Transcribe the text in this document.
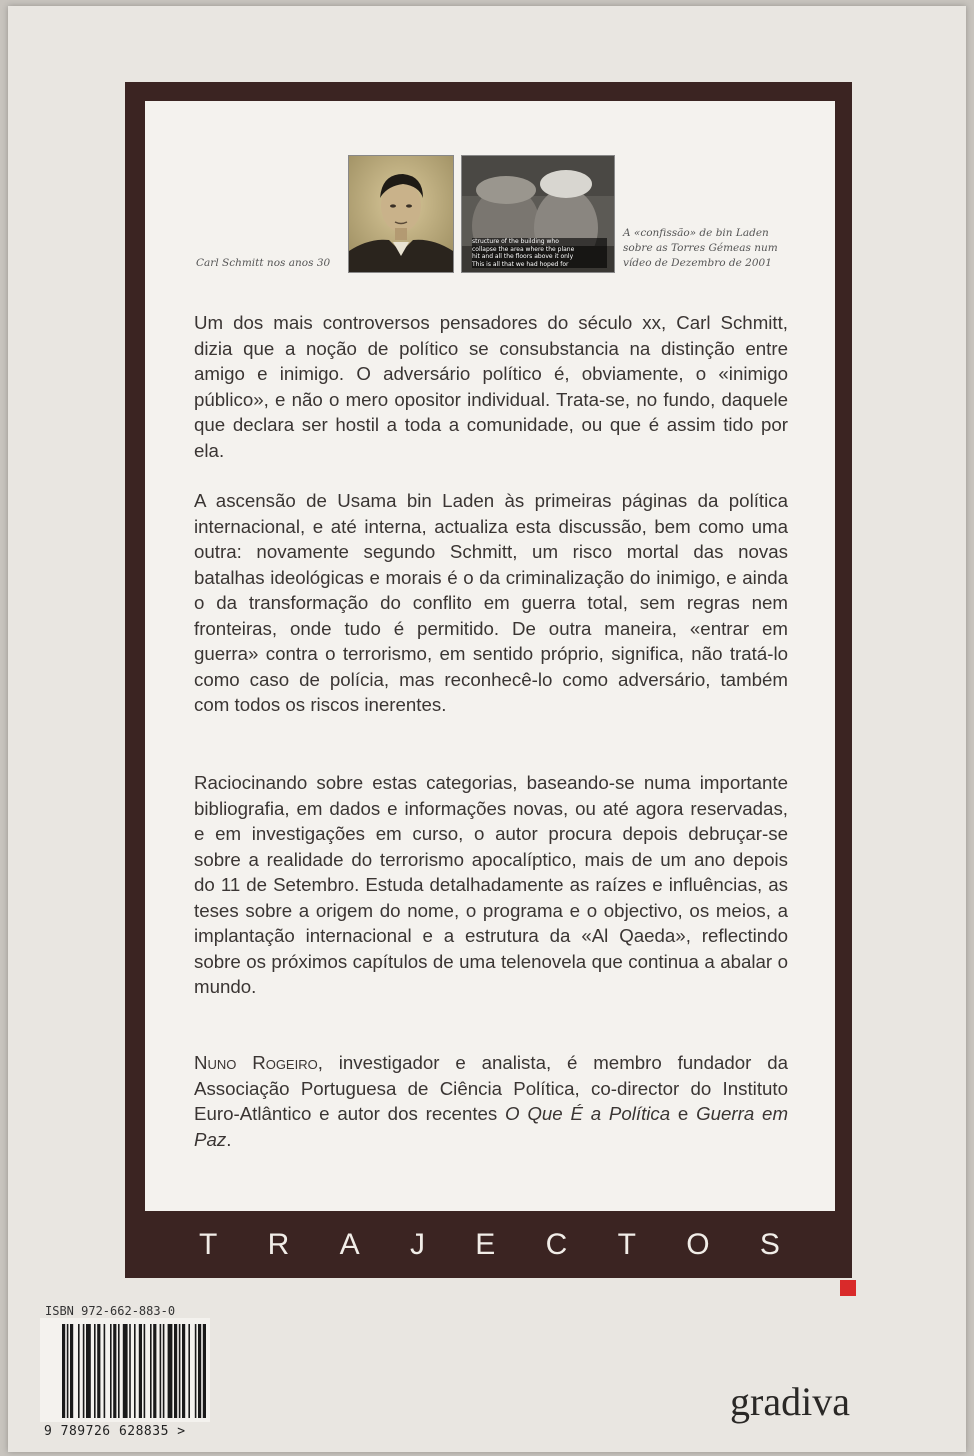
structure of the building who
collapse the area where the plane
hit and all the floors above it only
This is all that we had hoped for
Carl Schmitt nos anos 30
A «confissão» de bin Laden
sobre as Torres Gémeas num
vídeo de Dezembro de 2001

Um dos mais controversos pensadores do século xx, Carl Schmitt, dizia que a noção de político se consubstancia na distinção entre amigo e inimigo. O adversário político é, obviamente, o «inimigo público», e não o mero opositor individual. Trata-se, no fundo, daquele que declara ser hostil a toda a comunidade, ou que é assim tido por ela.

A ascensão de Usama bin Laden às primeiras páginas da política internacional, e até interna, actualiza esta discussão, bem como uma outra: novamente segundo Schmitt, um risco mortal das novas batalhas ideológicas e morais é o da criminalização do inimigo, e ainda o da transformação do conflito em guerra total, sem regras nem fronteiras, onde tudo é permitido. De outra maneira, «entrar em guerra» contra o terrorismo, em sentido próprio, significa, não tratá-lo como caso de polícia, mas reconhecê-lo como adversário, também com todos os riscos inerentes.

Raciocinando sobre estas categorias, baseando-se numa importante bibliografia, em dados e informações novas, ou até agora reservadas, e em investigações em curso, o autor procura depois debruçar-se sobre a realidade do terrorismo apocalíptico, mais de um ano depois do 11 de Setembro. Estuda detalhadamente as raízes e influências, as teses sobre a origem do nome, o programa e o objectivo, os meios, a implantação internacional e a estrutura da «Al Qaeda», reflectindo sobre os próximos capítulos de uma telenovela que continua a abalar o mundo.

Nuno Rogeiro, investigador e analista, é membro fundador da Associação Portuguesa de Ciência Política, co-director do Instituto Euro-Atlântico e autor dos recentes O Que É a Política e Guerra em Paz.

T R A J E C T O S
ISBN 972-662-883-0
9 789726 628835 >
gradiva
